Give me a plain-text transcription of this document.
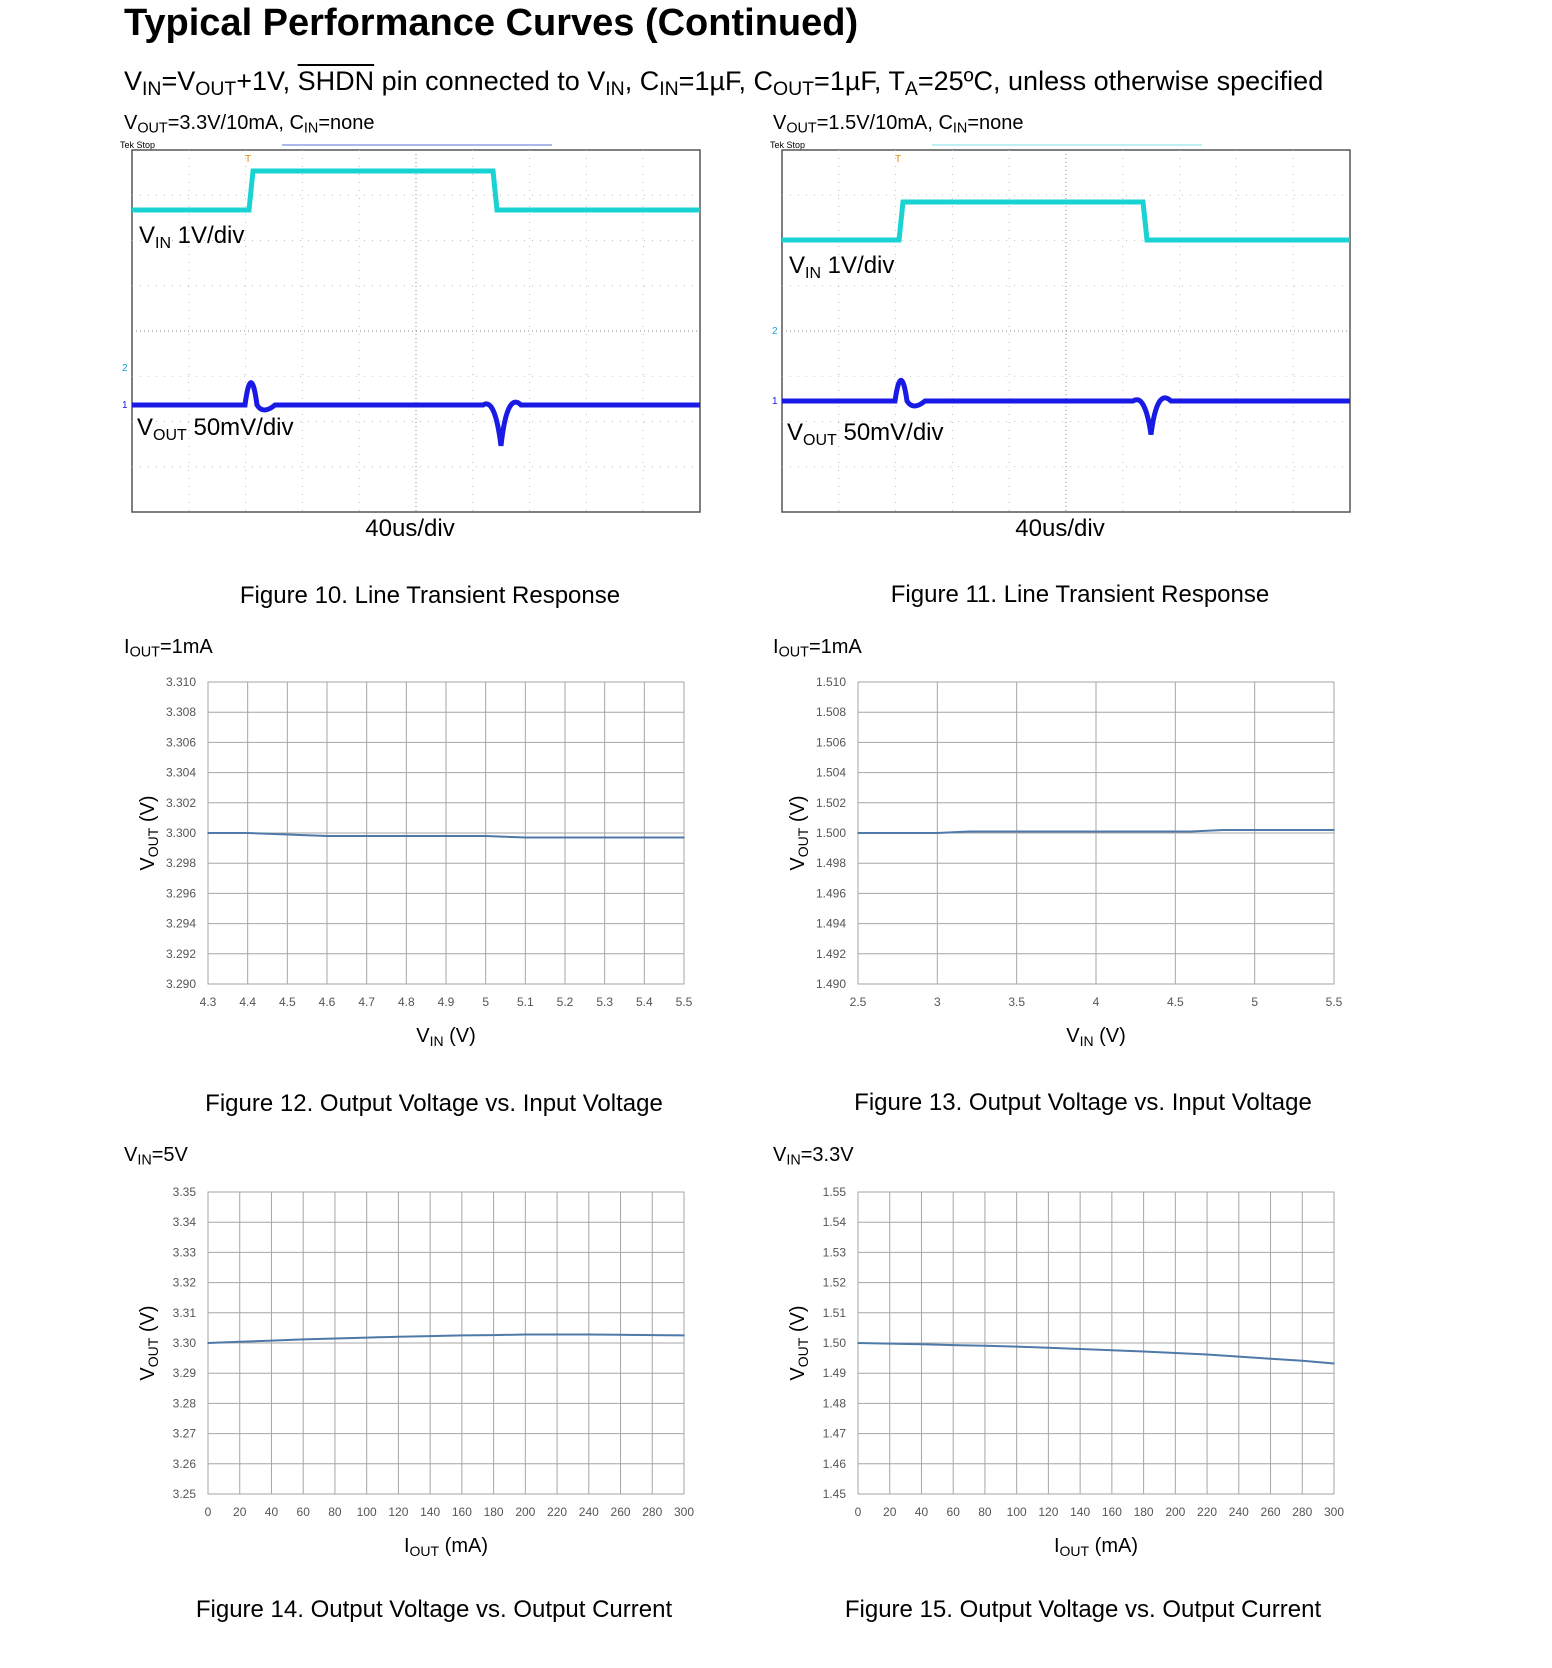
Typical Performance Curves (Continued)
$V_{IN}=V_{OUT}+1V$, SHDN pin connected to $V_{IN}$, $C_{IN}=1\mu F$, $C_{OUT}=1\mu F$, $T_A=25ºC$, unless otherwise specified
$V_{OUT}=3.3V/10mA$, $C_{IN}=none$
Tek Stop
T
2
1
$V_{IN}$ 1V/div
$V_{OUT}$ 50mV/div
40us/div
Figure 10. Line Transient Response
$V_{OUT}=1.5V/10mA$, $C_{IN}=none$
Tek Stop
T
2
1
$V_{IN}$ 1V/div
$V_{OUT}$ 50mV/div
40us/div
Figure 11. Line Transient Response
$I_{OUT}=1mA$
4.3 4.4 4.5 4.6 4.7 4.8 4.9 5 5.1 5.2 5.3 5.4 5.5
3.310
3.308
3.306
3.304
3.302
3.300
3.298
3.296
3.294
3.292
3.290
$V_{IN}$ (V)
$V_{OUT}$ (V)
Figure 12. Output Voltage vs. Input Voltage
$I_{OUT}=1mA$
2.5	3	3.5	4	4.5	5	5.5
1.510
1.508
1.506
1.504
1.502
1.500
1.498
1.496
1.494
1.492
1.490
$V_{IN}$ (V)
$V_{OUT}$ (V)
Figure 13. Output Voltage vs. Input Voltage
$V_{IN}=5V$
0 20 40 60 80 100 120 140 160 180 200 220 240 260 280 300
3.35
3.34
3.33
3.32
3.31
3.30
3.29
3.28
3.27
3.26
3.25
$I_{OUT}$ (mA)
$V_{OUT}$ (V)
Figure 14. Output Voltage vs. Output Current
$V_{IN}=3.3V$
0 20 40 60 80 100 120 140 160 180 200 220 240 260 280 300
1.55
1.54
1.53
1.52
1.51
1.50
1.49
1.48
1.47
1.46
1.45
$I_{OUT}$ (mA)
$V_{OUT}$ (V)
Figure 15. Output Voltage vs. Output Current
